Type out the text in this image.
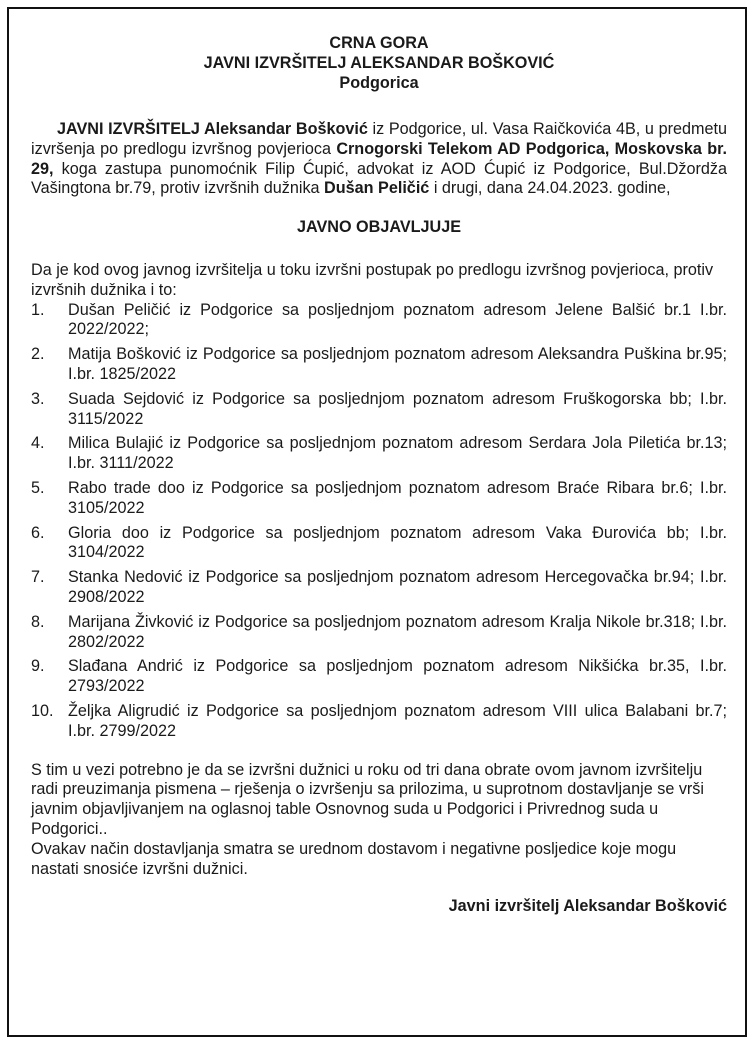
CRNA GORA
JAVNI IZVRŠITELJ ALEKSANDAR BOŠKOVIĆ
Podgorica
JAVNI IZVRŠITELJ Aleksandar Bošković iz Podgorice, ul. Vasa Raičkovića 4B, u predmetu izvršenja po predlogu izvršnog povjerioca Crnogorski Telekom AD Podgorica, Moskovska br. 29, koga zastupa punomoćnik Filip Ćupić, advokat iz AOD Ćupić iz Podgorice, Bul.Džordža Vašingtona br.79, protiv izvršnih dužnika Dušan Peličić i drugi, dana 24.04.2023. godine,
JAVNO OBJAVLJUJE

Da je kod ovog javnog izvršitelja u toku izvršni postupak po predlogu izvršnog povjerioca, protiv izvršnih dužnika i to:

1. Dušan Peličić iz Podgorice sa posljednjom poznatom adresom Jelene Balšić br.1 I.br. 2022/2022;
2. Matija Bošković iz Podgorice sa posljednjom poznatom adresom Aleksandra Puškina br.95; I.br. 1825/2022
3. Suada Sejdović iz Podgorice sa posljednjom poznatom adresom Fruškogorska bb; I.br. 3115/2022
4. Milica Bulajić iz Podgorice sa posljednjom poznatom adresom Serdara Jola Piletića br.13; I.br. 3111/2022
5. Rabo trade doo iz Podgorice sa posljednjom poznatom adresom Braće Ribara br.6; I.br. 3105/2022
6. Gloria doo iz Podgorice sa posljednjom poznatom adresom Vaka Đurovića bb; I.br. 3104/2022
7. Stanka Nedović iz Podgorice sa posljednjom poznatom adresom Hercegovačka br.94; I.br. 2908/2022
8. Marijana Živković iz Podgorice sa posljednjom poznatom adresom Kralja Nikole br.318; I.br. 2802/2022
9. Slađana Andrić iz Podgorice sa posljednjom poznatom adresom Nikšićka br.35, I.br. 2793/2022
10. Željka Aligrudić iz Podgorice sa posljednjom poznatom adresom VIII ulica Balabani br.7; I.br. 2799/2022
S tim u vezi potrebno je da se izvršni dužnici u roku od tri dana obrate ovom javnom izvršitelju
radi preuzimanja pismena – rješenja o izvršenju sa prilozima, u suprotnom dostavljanje se vrši
javnim objavljivanjem na oglasnoj table Osnovnog suda u Podgorici i Privrednog suda u
Podgorici..
Ovakav način dostavljanja smatra se urednom dostavom i negativne posljedice koje mogu
nastati snosiće izvršni dužnici.
Javni izvršitelj Aleksandar Bošković
